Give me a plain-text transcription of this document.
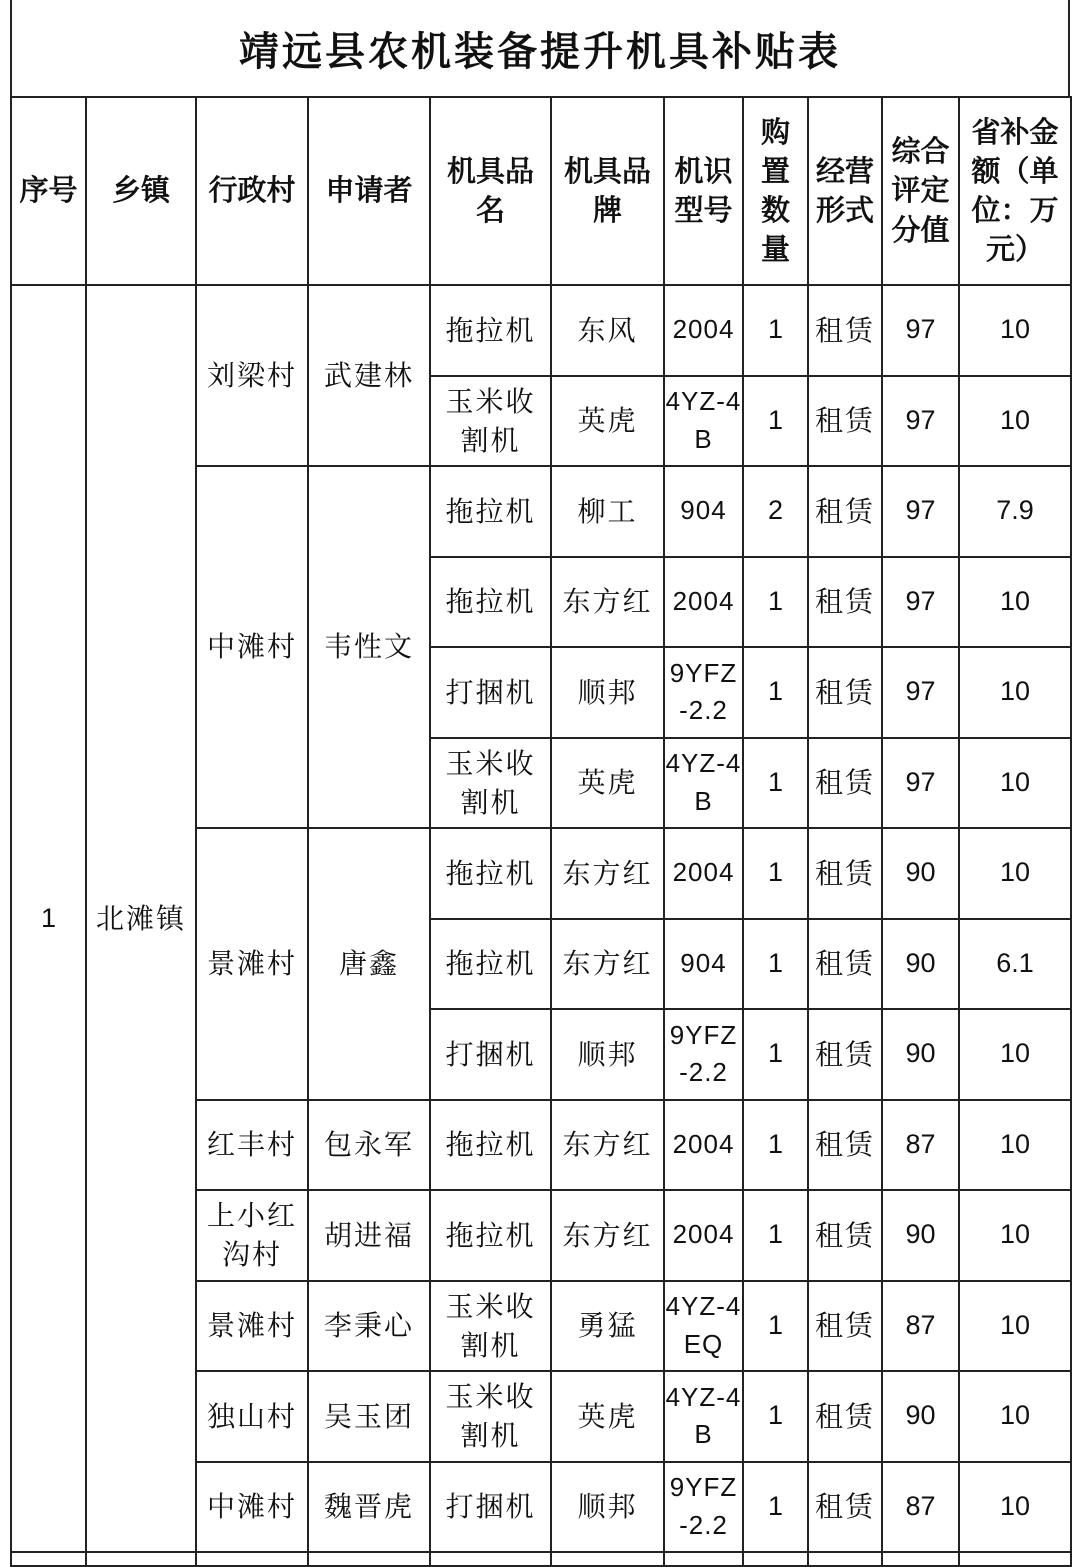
靖远县农机装备提升机具补贴表
序号	乡镇	行政村	申请者	机具品名	机具品牌	机识型号	购置数量	经营形式	综合评定分值	省补金额（单位：万元）
1	北滩镇	刘梁村	武建林	拖拉机	东风	2004	1	租赁	97	10
				玉米收割机	英虎	4YZ-4B	1	租赁	97	10
		中滩村	韦性文	拖拉机	柳工	904	2	租赁	97	7.9
				拖拉机	东方红	2004	1	租赁	97	10
				打捆机	顺邦	9YFZ-2.2	1	租赁	97	10
				玉米收割机	英虎	4YZ-4B	1	租赁	97	10
		景滩村	唐鑫	拖拉机	东方红	2004	1	租赁	90	10
				拖拉机	东方红	904	1	租赁	90	6.1
				打捆机	顺邦	9YFZ-2.2	1	租赁	90	10
		红丰村	包永军	拖拉机	东方红	2004	1	租赁	87	10
		上小红沟村	胡进福	拖拉机	东方红	2004	1	租赁	90	10
		景滩村	李秉心	玉米收割机	勇猛	4YZ-4EQ	1	租赁	87	10
		独山村	吴玉团	玉米收割机	英虎	4YZ-4B	1	租赁	90	10
		中滩村	魏晋虎	打捆机	顺邦	9YFZ-2.2	1	租赁	87	10
